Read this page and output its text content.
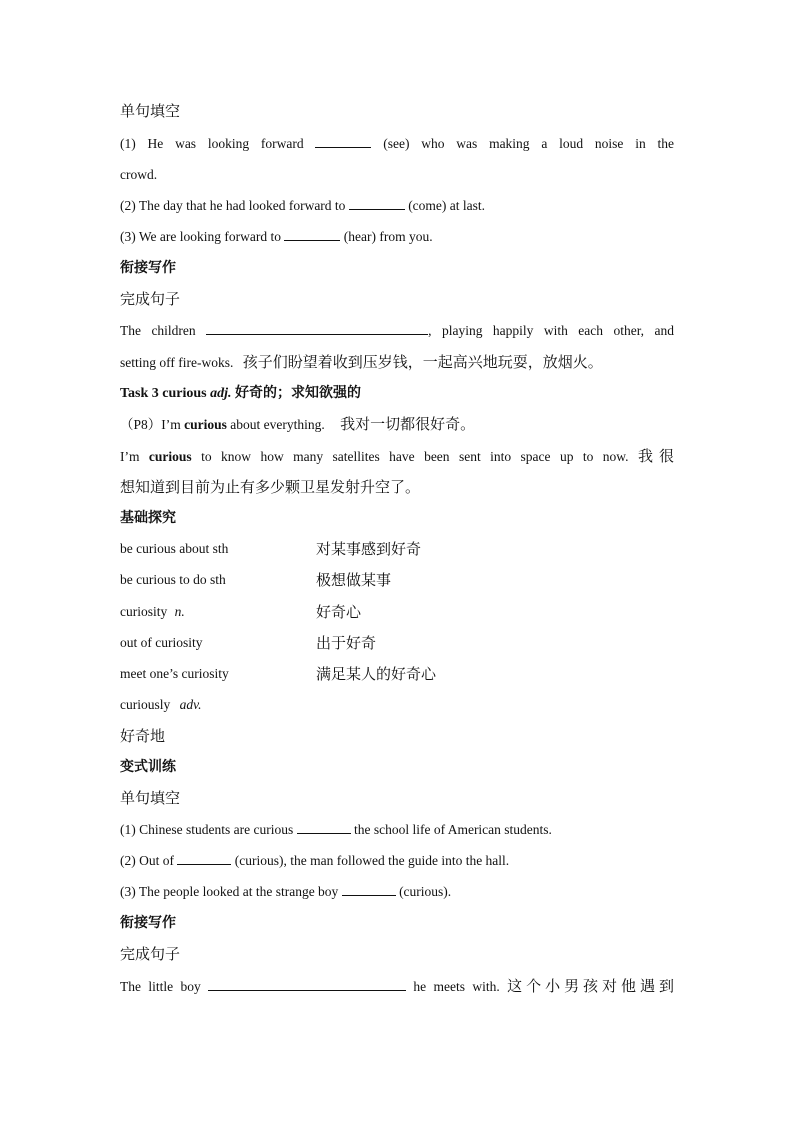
单句填空
(1) He was looking forward	(see) who was making a loud noise in the
crowd.
(2) The day that he had looked forward to	(come) at last.
(3) We are looking forward to	(hear) from you.
衔接写作
完成句子
The children	, playing happily with each other, and
setting off fire-woks. 孩子们盼望着收到压岁钱，一起高兴地玩耍，放烟火。
Task 3 curious adj. 好奇的；求知欲强的
（P8）I’m curious about everything. 我对一切都很好奇。
I’m curious to know how many satellites have been sent into space up to now. 我很
想知道到目前为止有多少颗卫星发射升空了。
基础探究
be curious about sth	对某事感到好奇
be curious to do sth	极想做某事
curiosity n.	好奇心
out of curiosity	出于好奇
meet one’s curiosity	满足某人的好奇心
curiously adv.
好奇地
变式训练
单句填空
(1) Chinese students are curious	the school life of American students.
(2) Out of	(curious), the man followed the guide into the hall.
(3) The people looked at the strange boy	(curious).
衔接写作
完成句子
The little boy	he meets with. 这个小男孩对他遇到
